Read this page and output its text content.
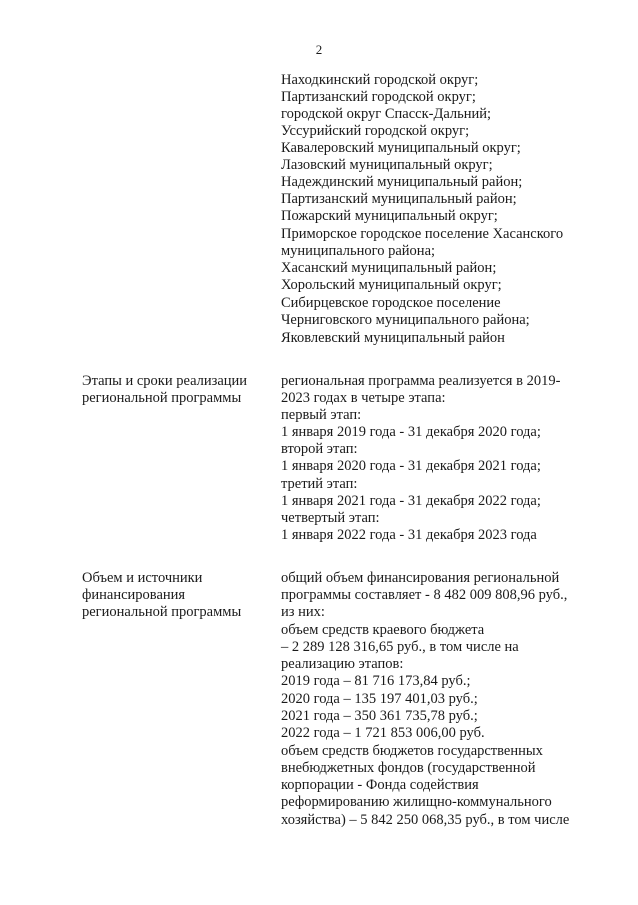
2
Находкинский городской округ;
Партизанский городской округ;
городской округ Спасск-Дальний;
Уссурийский городской округ;
Кавалеровский муниципальный округ;
Лазовский муниципальный округ;
Надеждинский муниципальный район;
Партизанский муниципальный район;
Пожарский муниципальный округ;
Приморское городское поселение Хасанского
муниципального района;
Хасанский муниципальный район;
Хорольский муниципальный округ;
Сибирцевское городское поселение
Черниговского муниципального района;
Яковлевский муниципальный район
Этапы и сроки реализации
региональной программы
региональная программа реализуется в 2019-
2023 годах в четыре этапа:
первый этап:
1 января 2019 года - 31 декабря 2020 года;
второй этап:
1 января 2020 года - 31 декабря 2021 года;
третий этап:
1 января 2021 года - 31 декабря 2022 года;
четвертый этап:
1 января 2022 года - 31 декабря 2023 года
Объем и источники
финансирования
региональной программы
общий объем финансирования региональной
программы составляет - 8 482 009 808,96 руб.,
из них:
объем средств краевого бюджета
– 2 289 128 316,65 руб., в том числе на
реализацию этапов:
2019 года – 81 716 173,84 руб.;
2020 года – 135 197 401,03 руб.;
2021 года – 350 361 735,78 руб.;
2022 года – 1 721 853 006,00 руб.
объем средств бюджетов государственных
внебюджетных фондов (государственной
корпорации - Фонда содействия
реформированию жилищно-коммунального
хозяйства) – 5 842 250 068,35 руб., в том числе
